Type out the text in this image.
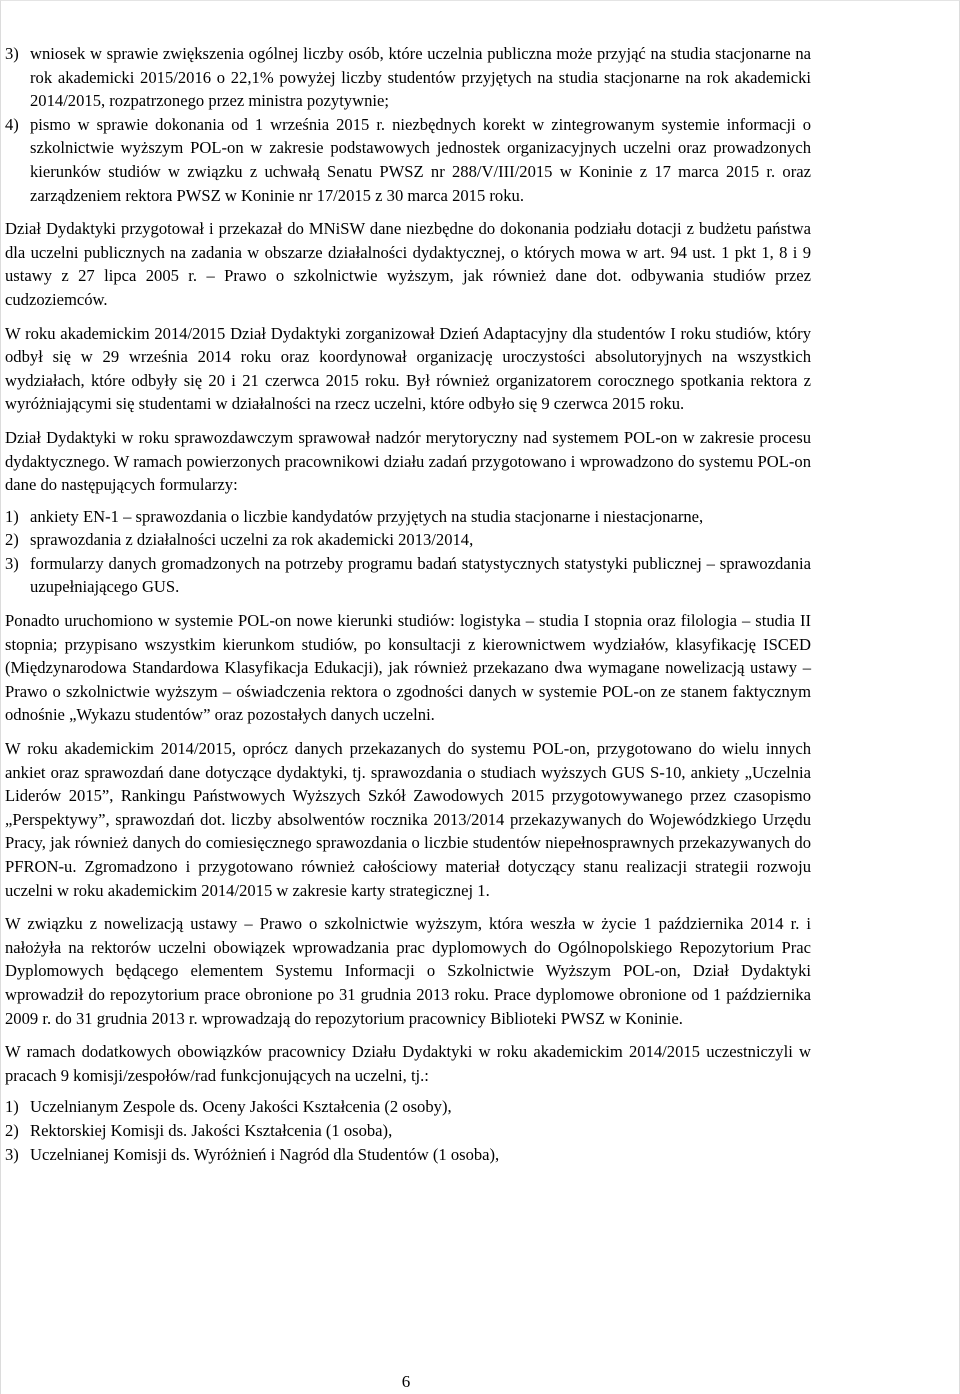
3) wniosek w sprawie zwiększenia ogólnej liczby osób, które uczelnia publiczna może przyjąć na studia stacjonarne na rok akademicki 2015/2016 o 22,1% powyżej liczby studentów przyjętych na studia stacjonarne na rok akademicki 2014/2015, rozpatrzonego przez ministra pozytywnie;
4) pismo w sprawie dokonania od 1 września 2015 r. niezbędnych korekt w zintegrowanym systemie informacji o szkolnictwie wyższym POL-on w zakresie podstawowych jednostek organizacyjnych uczelni oraz prowadzonych kierunków studiów w związku z uchwałą Senatu PWSZ nr 288/V/III/2015 w Koninie z 17 marca 2015 r. oraz zarządzeniem rektora PWSZ w Koninie nr 17/2015 z 30 marca 2015 roku.

Dział Dydaktyki przygotował i przekazał do MNiSW dane niezbędne do dokonania podziału dotacji z budżetu państwa dla uczelni publicznych na zadania w obszarze działalności dydaktycznej, o których mowa w art. 94 ust. 1 pkt 1, 8 i 9 ustawy z 27 lipca 2005 r. – Prawo o szkolnictwie wyższym, jak również dane dot. odbywania studiów przez cudzoziemców.

W roku akademickim 2014/2015 Dział Dydaktyki zorganizował Dzień Adaptacyjny dla studentów I roku studiów, który odbył się w 29 września 2014 roku oraz koordynował organizację uroczystości absolutoryjnych na wszystkich wydziałach, które odbyły się 20 i 21 czerwca 2015 roku. Był również organizatorem corocznego spotkania rektora z wyróżniającymi się studentami w działalności na rzecz uczelni, które odbyło się 9 czerwca 2015 roku.

Dział Dydaktyki w roku sprawozdawczym sprawował nadzór merytoryczny nad systemem POL-on w zakresie procesu dydaktycznego. W ramach powierzonych pracownikowi działu zadań przygotowano i wprowadzono do systemu POL-on dane do następujących formularzy:

1) ankiety EN-1 – sprawozdania o liczbie kandydatów przyjętych na studia stacjonarne i niestacjonarne,
2) sprawozdania z działalności uczelni za rok akademicki 2013/2014,
3) formularzy danych gromadzonych na potrzeby programu badań statystycznych statystyki publicznej – sprawozdania uzupełniającego GUS.

Ponadto uruchomiono w systemie POL-on nowe kierunki studiów: logistyka – studia I stopnia oraz filologia – studia II stopnia; przypisano wszystkim kierunkom studiów, po konsultacji z kierownictwem wydziałów, klasyfikację ISCED (Międzynarodowa Standardowa Klasyfikacja Edukacji), jak również przekazano dwa wymagane nowelizacją ustawy – Prawo o szkolnictwie wyższym – oświadczenia rektora o zgodności danych w systemie POL-on ze stanem faktycznym odnośnie „Wykazu studentów” oraz pozostałych danych uczelni.

W roku akademickim 2014/2015, oprócz danych przekazanych do systemu POL-on, przygotowano do wielu innych ankiet oraz sprawozdań dane dotyczące dydaktyki, tj. sprawozdania o studiach wyższych GUS S-10, ankiety „Uczelnia Liderów 2015”, Rankingu Państwowych Wyższych Szkół Zawodowych 2015 przygotowywanego przez czasopismo „Perspektywy”, sprawozdań dot. liczby absolwentów rocznika 2013/2014 przekazywanych do Wojewódzkiego Urzędu Pracy, jak również danych do comiesięcznego sprawozdania o liczbie studentów niepełnosprawnych przekazywanych do PFRON-u. Zgromadzono i przygotowano również całościowy materiał dotyczący stanu realizacji strategii rozwoju uczelni w roku akademickim 2014/2015 w zakresie karty strategicznej 1.

W związku z nowelizacją ustawy – Prawo o szkolnictwie wyższym, która weszła w życie 1 października 2014 r. i nałożyła na rektorów uczelni obowiązek wprowadzania prac dyplomowych do Ogólnopolskiego Repozytorium Prac Dyplomowych będącego elementem Systemu Informacji o Szkolnictwie Wyższym POL-on, Dział Dydaktyki wprowadził do repozytorium prace obronione po 31 grudnia 2013 roku. Prace dyplomowe obronione od 1 października 2009 r. do 31 grudnia 2013 r. wprowadzają do repozytorium pracownicy Biblioteki PWSZ w Koninie.

W ramach dodatkowych obowiązków pracownicy Działu Dydaktyki w roku akademickim 2014/2015 uczestniczyli w pracach 9 komisji/zespołów/rad funkcjonujących na uczelni, tj.:

1) Uczelnianym Zespole ds. Oceny Jakości Kształcenia (2 osoby),
2) Rektorskiej Komisji ds. Jakości Kształcenia (1 osoba),
3) Uczelnianej Komisji ds. Wyróżnień i Nagród dla Studentów (1 osoba),
6
